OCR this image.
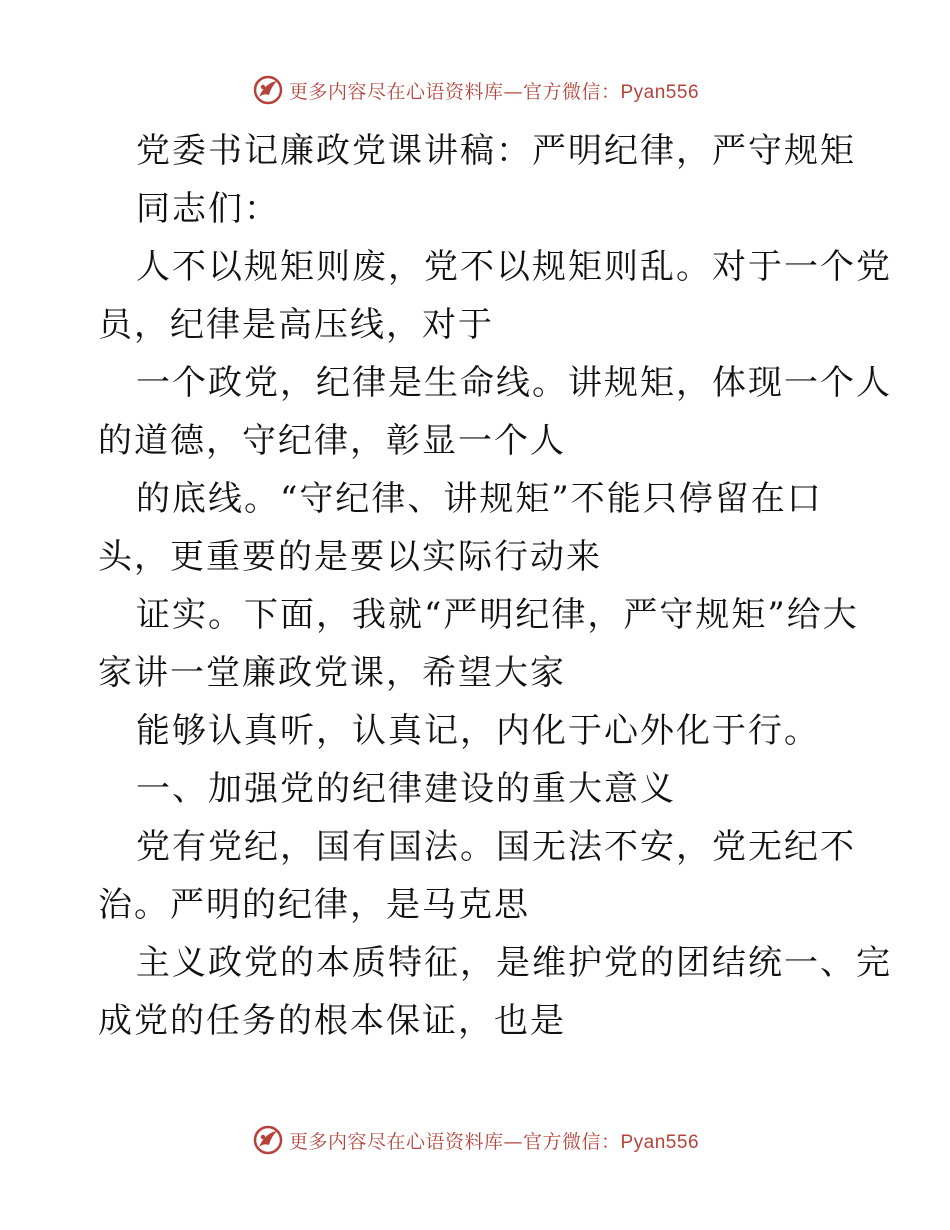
更多内容尽在心语资料库—官方微信：Pyan556
党委书记廉政党课讲稿：严明纪律，严守规矩
同志们：
人不以规矩则废，党不以规矩则乱。对于一个党
员，纪律是高压线，对于
一个政党，纪律是生命线。讲规矩，体现一个人
的道德，守纪律，彰显一个人
的底线。“守纪律、讲规矩”不能只停留在口
头，更重要的是要以实际行动来
证实。下面，我就“严明纪律，严守规矩”给大
家讲一堂廉政党课，希望大家
能够认真听，认真记，内化于心外化于行。
一、加强党的纪律建设的重大意义
党有党纪，国有国法。国无法不安，党无纪不
治。严明的纪律，是马克思
主义政党的本质特征，是维护党的团结统一、完
成党的任务的根本保证，也是
更多内容尽在心语资料库—官方微信：Pyan556
